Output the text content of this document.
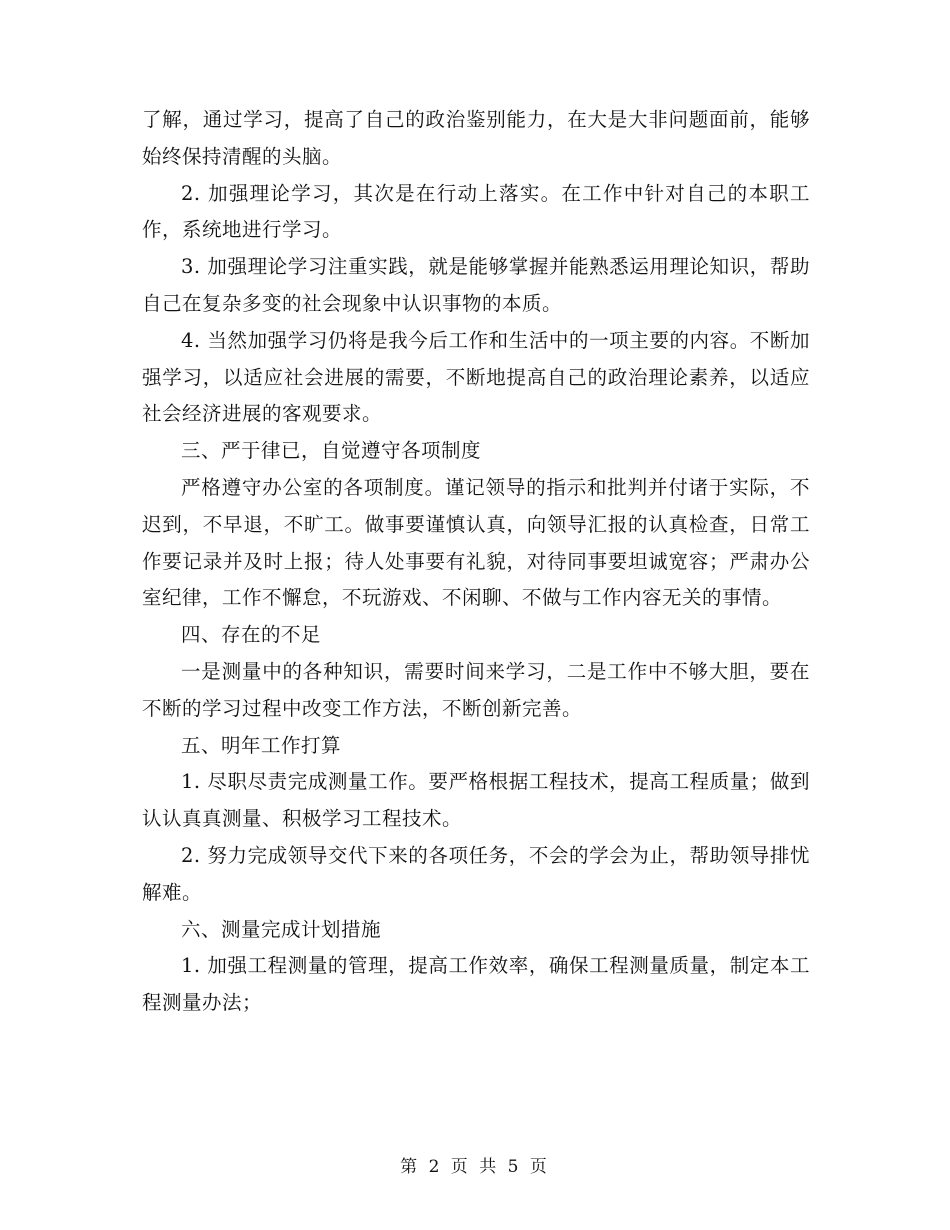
了解，通过学习，提高了自己的政治鉴别能力，在大是大非问题面前，能够始终保持清醒的头脑。

2. 加强理论学习，其次是在行动上落实。在工作中针对自己的本职工作，系统地进行学习。

3. 加强理论学习注重实践，就是能够掌握并能熟悉运用理论知识，帮助自己在复杂多变的社会现象中认识事物的本质。

4. 当然加强学习仍将是我今后工作和生活中的一项主要的内容。不断加强学习，以适应社会进展的需要，不断地提高自己的政治理论素养，以适应社会经济进展的客观要求。

三、严于律已，自觉遵守各项制度

严格遵守办公室的各项制度。谨记领导的指示和批判并付诸于实际，不迟到，不早退，不旷工。做事要谨慎认真，向领导汇报的认真检查，日常工作要记录并及时上报；待人处事要有礼貌，对待同事要坦诚宽容；严肃办公室纪律，工作不懈怠，不玩游戏、不闲聊、不做与工作内容无关的事情。

四、存在的不足

一是测量中的各种知识，需要时间来学习，二是工作中不够大胆，要在不断的学习过程中改变工作方法，不断创新完善。

五、明年工作打算

1. 尽职尽责完成测量工作。要严格根据工程技术，提高工程质量；做到认认真真测量、积极学习工程技术。

2. 努力完成领导交代下来的各项任务，不会的学会为止，帮助领导排忧解难。

六、测量完成计划措施

1. 加强工程测量的管理，提高工作效率，确保工程测量质量，制定本工程测量办法；

第 2 页 共 5 页
